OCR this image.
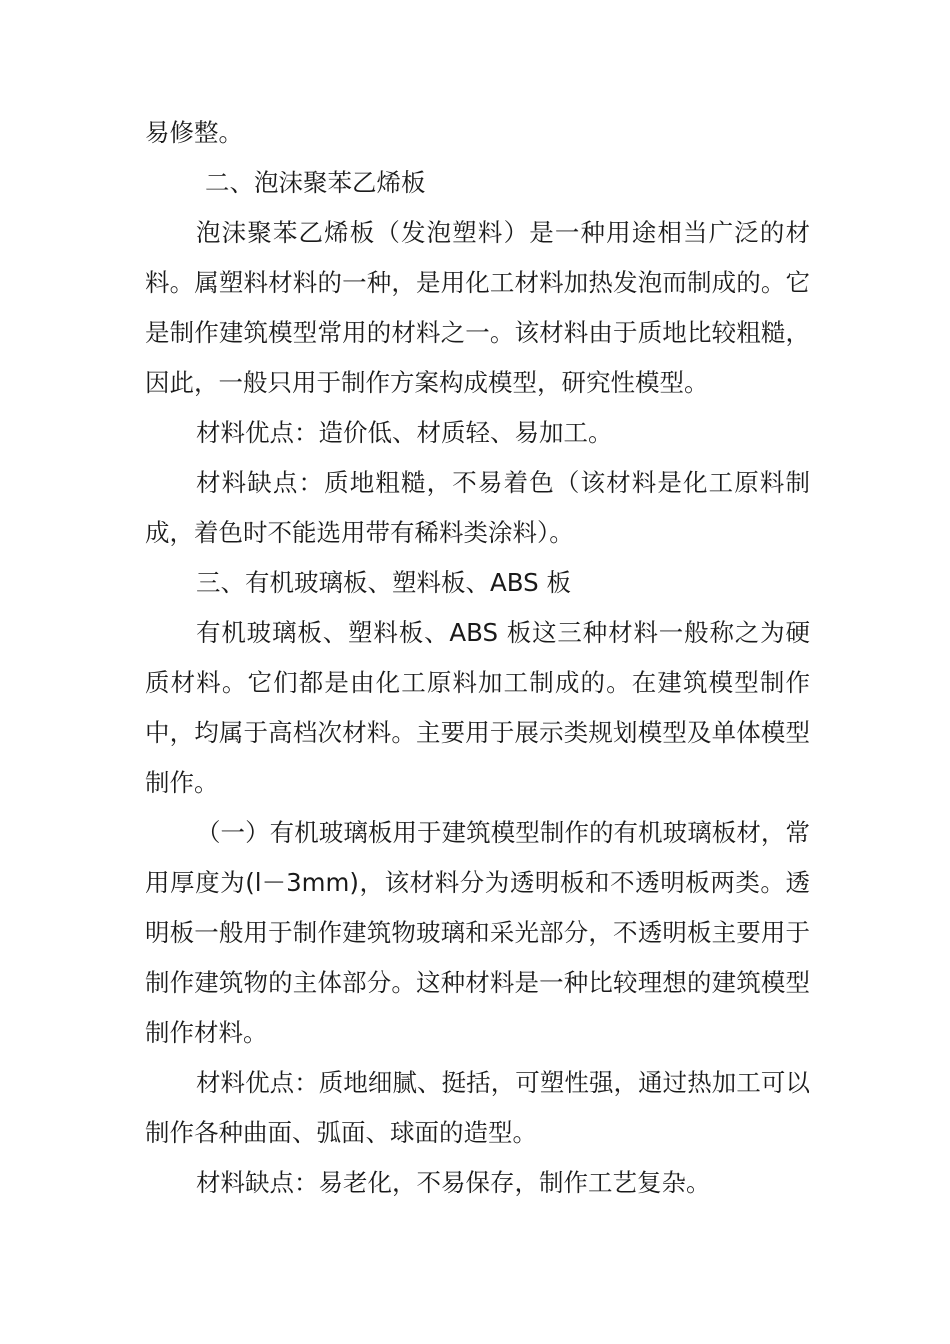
易修整。

二、泡沫聚苯乙烯板

泡沫聚苯乙烯板（发泡塑料）是一种用途相当广泛的材料。属塑料材料的一种，是用化工材料加热发泡而制成的。它是制作建筑模型常用的材料之一。该材料由于质地比较粗糙，因此，一般只用于制作方案构成模型，研究性模型。

材料优点：造价低、材质轻、易加工。

材料缺点：质地粗糙，不易着色（该材料是化工原料制成，着色时不能选用带有稀料类涂料）。

三、有机玻璃板、塑料板、ABS 板

有机玻璃板、塑料板、ABS 板这三种材料一般称之为硬质材料。它们都是由化工原料加工制成的。在建筑模型制作中，均属于高档次材料。主要用于展示类规划模型及单体模型制作。

（一）有机玻璃板用于建筑模型制作的有机玻璃板材，常用厚度为(l－3mm)，该材料分为透明板和不透明板两类。透明板一般用于制作建筑物玻璃和采光部分，不透明板主要用于制作建筑物的主体部分。这种材料是一种比较理想的建筑模型制作材料。

材料优点：质地细腻、挺括，可塑性强，通过热加工可以制作各种曲面、弧面、球面的造型。

材料缺点：易老化，不易保存，制作工艺复杂。
